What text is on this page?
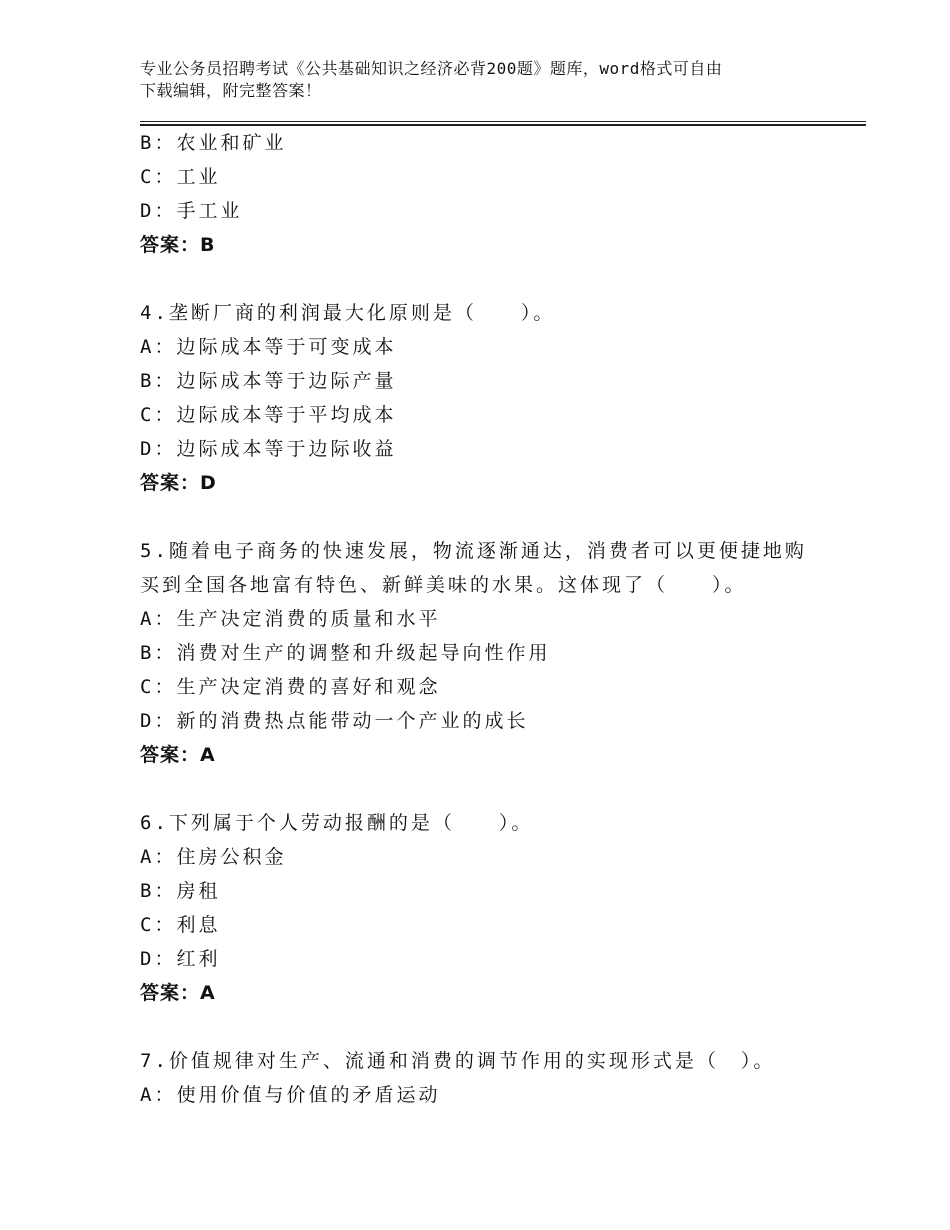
专业公务员招聘考试《公共基础知识之经济必背200题》题库，word格式可自由
下载编辑，附完整答案！
B：农业和矿业
C：工业
D：手工业
答案：B
4.垄断厂商的利润最大化原则是（　　）。
A：边际成本等于可变成本
B：边际成本等于边际产量
C：边际成本等于平均成本
D：边际成本等于边际收益
答案：D
5.随着电子商务的快速发展，物流逐渐通达，消费者可以更便捷地购
买到全国各地富有特色、新鲜美味的水果。这体现了（　　）。
A：生产决定消费的质量和水平
B：消费对生产的调整和升级起导向性作用
C：生产决定消费的喜好和观念
D：新的消费热点能带动一个产业的成长
答案：A
6.下列属于个人劳动报酬的是（　　）。
A：住房公积金
B：房租
C：利息
D：红利
答案：A
7.价值规律对生产、流通和消费的调节作用的实现形式是（　）。
A：使用价值与价值的矛盾运动
